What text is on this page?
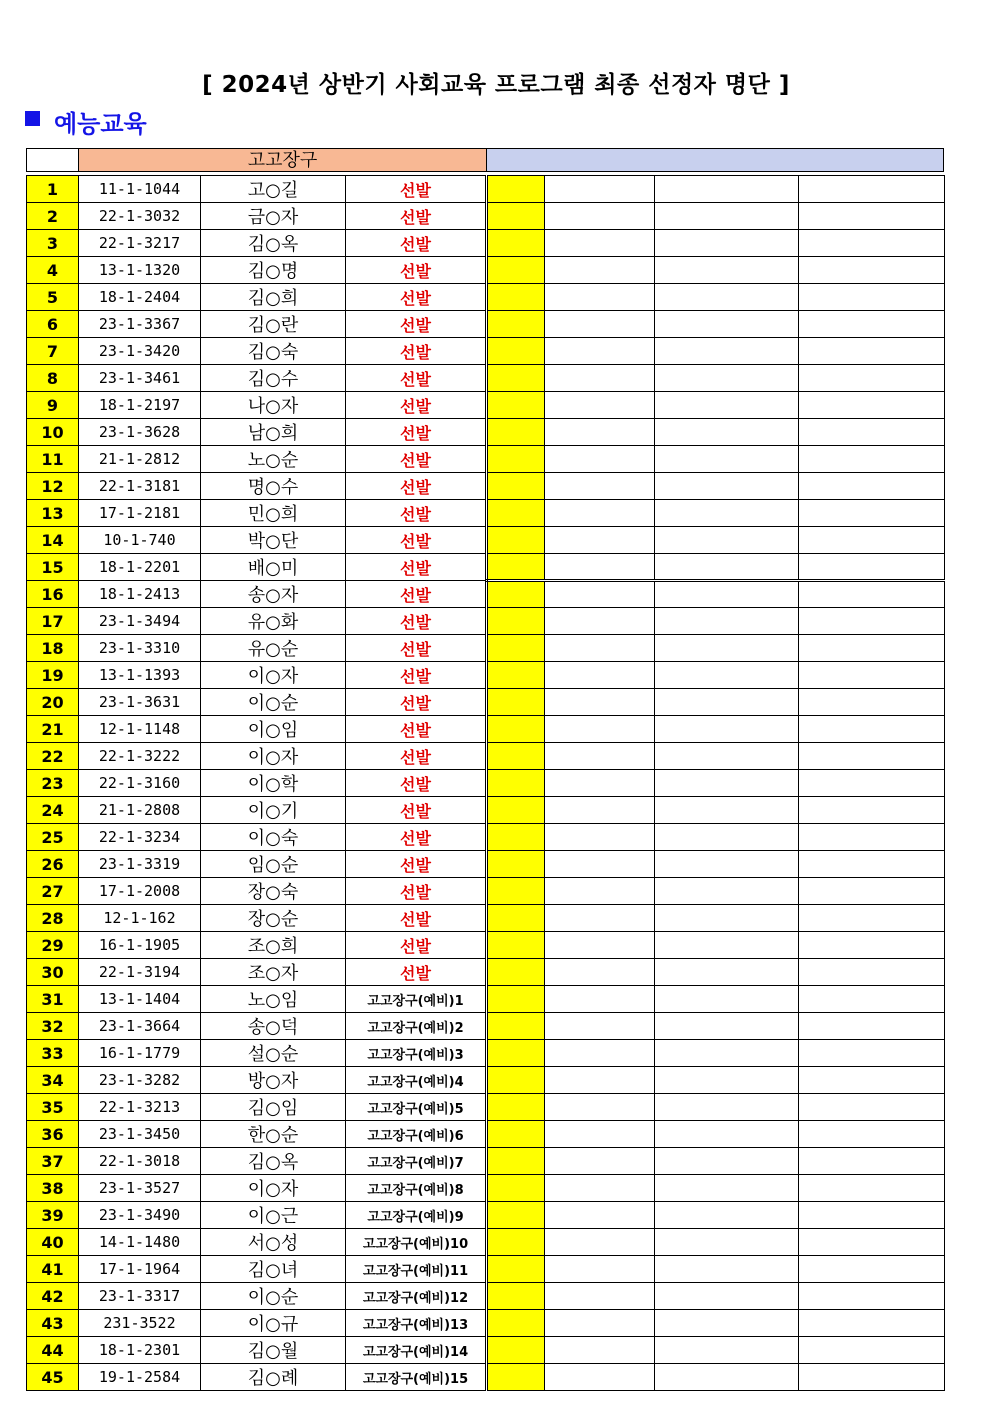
[ 2024년 상반기 사회교육 프로그램 최종 선정자 명단 ]
예능교육
고고장구
1	11-1-1044	고○길	선발				
2	22-1-3032	금○자	선발				
3	22-1-3217	김○옥	선발				
4	13-1-1320	김○명	선발				
5	18-1-2404	김○희	선발				
6	23-1-3367	김○란	선발				
7	23-1-3420	김○숙	선발				
8	23-1-3461	김○수	선발				
9	18-1-2197	나○자	선발				
10	23-1-3628	남○희	선발				
11	21-1-2812	노○순	선발				
12	22-1-3181	명○수	선발				
13	17-1-2181	민○희	선발				
14	10-1-740	박○단	선발				
15	18-1-2201	배○미	선발				
16	18-1-2413	송○자	선발				
17	23-1-3494	유○화	선발				
18	23-1-3310	유○순	선발				
19	13-1-1393	이○자	선발				
20	23-1-3631	이○순	선발				
21	12-1-1148	이○임	선발				
22	22-1-3222	이○자	선발				
23	22-1-3160	이○학	선발				
24	21-1-2808	이○기	선발				
25	22-1-3234	이○숙	선발				
26	23-1-3319	임○순	선발				
27	17-1-2008	장○숙	선발				
28	12-1-162	장○순	선발				
29	16-1-1905	조○희	선발				
30	22-1-3194	조○자	선발				
31	13-1-1404	노○임	고고장구(예비)1				
32	23-1-3664	송○덕	고고장구(예비)2				
33	16-1-1779	설○순	고고장구(예비)3				
34	23-1-3282	방○자	고고장구(예비)4				
35	22-1-3213	김○임	고고장구(예비)5				
36	23-1-3450	한○순	고고장구(예비)6				
37	22-1-3018	김○옥	고고장구(예비)7				
38	23-1-3527	이○자	고고장구(예비)8				
39	23-1-3490	이○근	고고장구(예비)9				
40	14-1-1480	서○성	고고장구(예비)10				
41	17-1-1964	김○녀	고고장구(예비)11				
42	23-1-3317	이○순	고고장구(예비)12				
43	231-3522	이○규	고고장구(예비)13				
44	18-1-2301	김○월	고고장구(예비)14				
45	19-1-2584	김○례	고고장구(예비)15				
